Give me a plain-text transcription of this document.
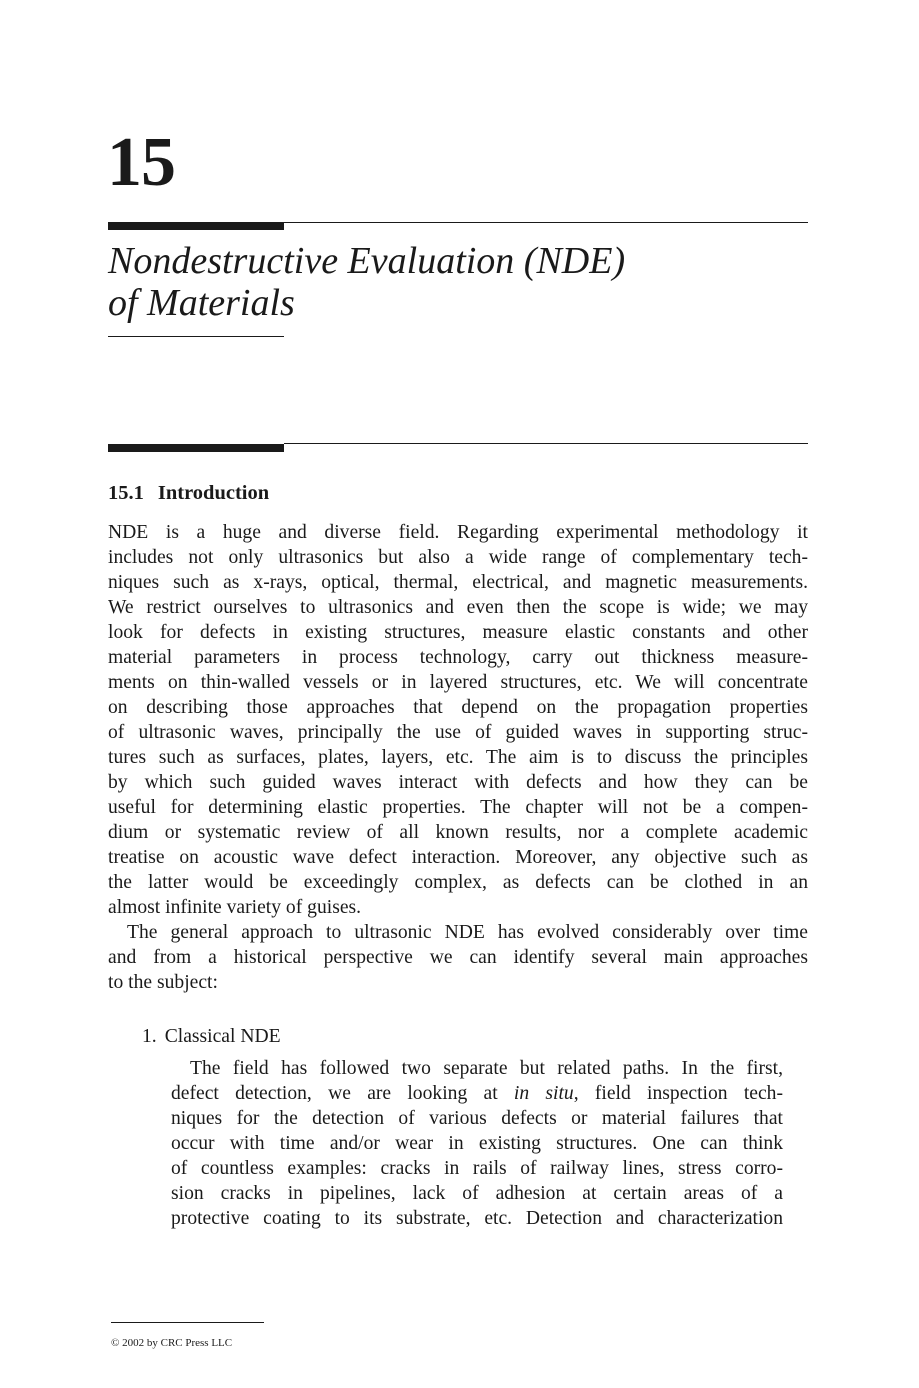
15
Nondestructive Evaluation (NDE)
of Materials
15.1 Introduction
NDE is a huge and diverse field. Regarding experimental methodology it
includes not only ultrasonics but also a wide range of complementary tech-
niques such as x-rays, optical, thermal, electrical, and magnetic measurements.
We restrict ourselves to ultrasonics and even then the scope is wide; we may
look for defects in existing structures, measure elastic constants and other
material parameters in process technology, carry out thickness measure-
ments on thin-walled vessels or in layered structures, etc. We will concentrate
on describing those approaches that depend on the propagation properties
of ultrasonic waves, principally the use of guided waves in supporting struc-
tures such as surfaces, plates, layers, etc. The aim is to discuss the principles
by which such guided waves interact with defects and how they can be
useful for determining elastic properties. The chapter will not be a compen-
dium or systematic review of all known results, nor a complete academic
treatise on acoustic wave defect interaction. Moreover, any objective such as
the latter would be exceedingly complex, as defects can be clothed in an
almost infinite variety of guises.
The general approach to ultrasonic NDE has evolved considerably over time
and from a historical perspective we can identify several main approaches
to the subject:
1. Classical NDE
The field has followed two separate but related paths. In the first,
defect detection, we are looking at in situ, field inspection tech-
niques for the detection of various defects or material failures that
occur with time and/or wear in existing structures. One can think
of countless examples: cracks in rails of railway lines, stress corro-
sion cracks in pipelines, lack of adhesion at certain areas of a
protective coating to its substrate, etc. Detection and characterization
© 2002 by CRC Press LLC
